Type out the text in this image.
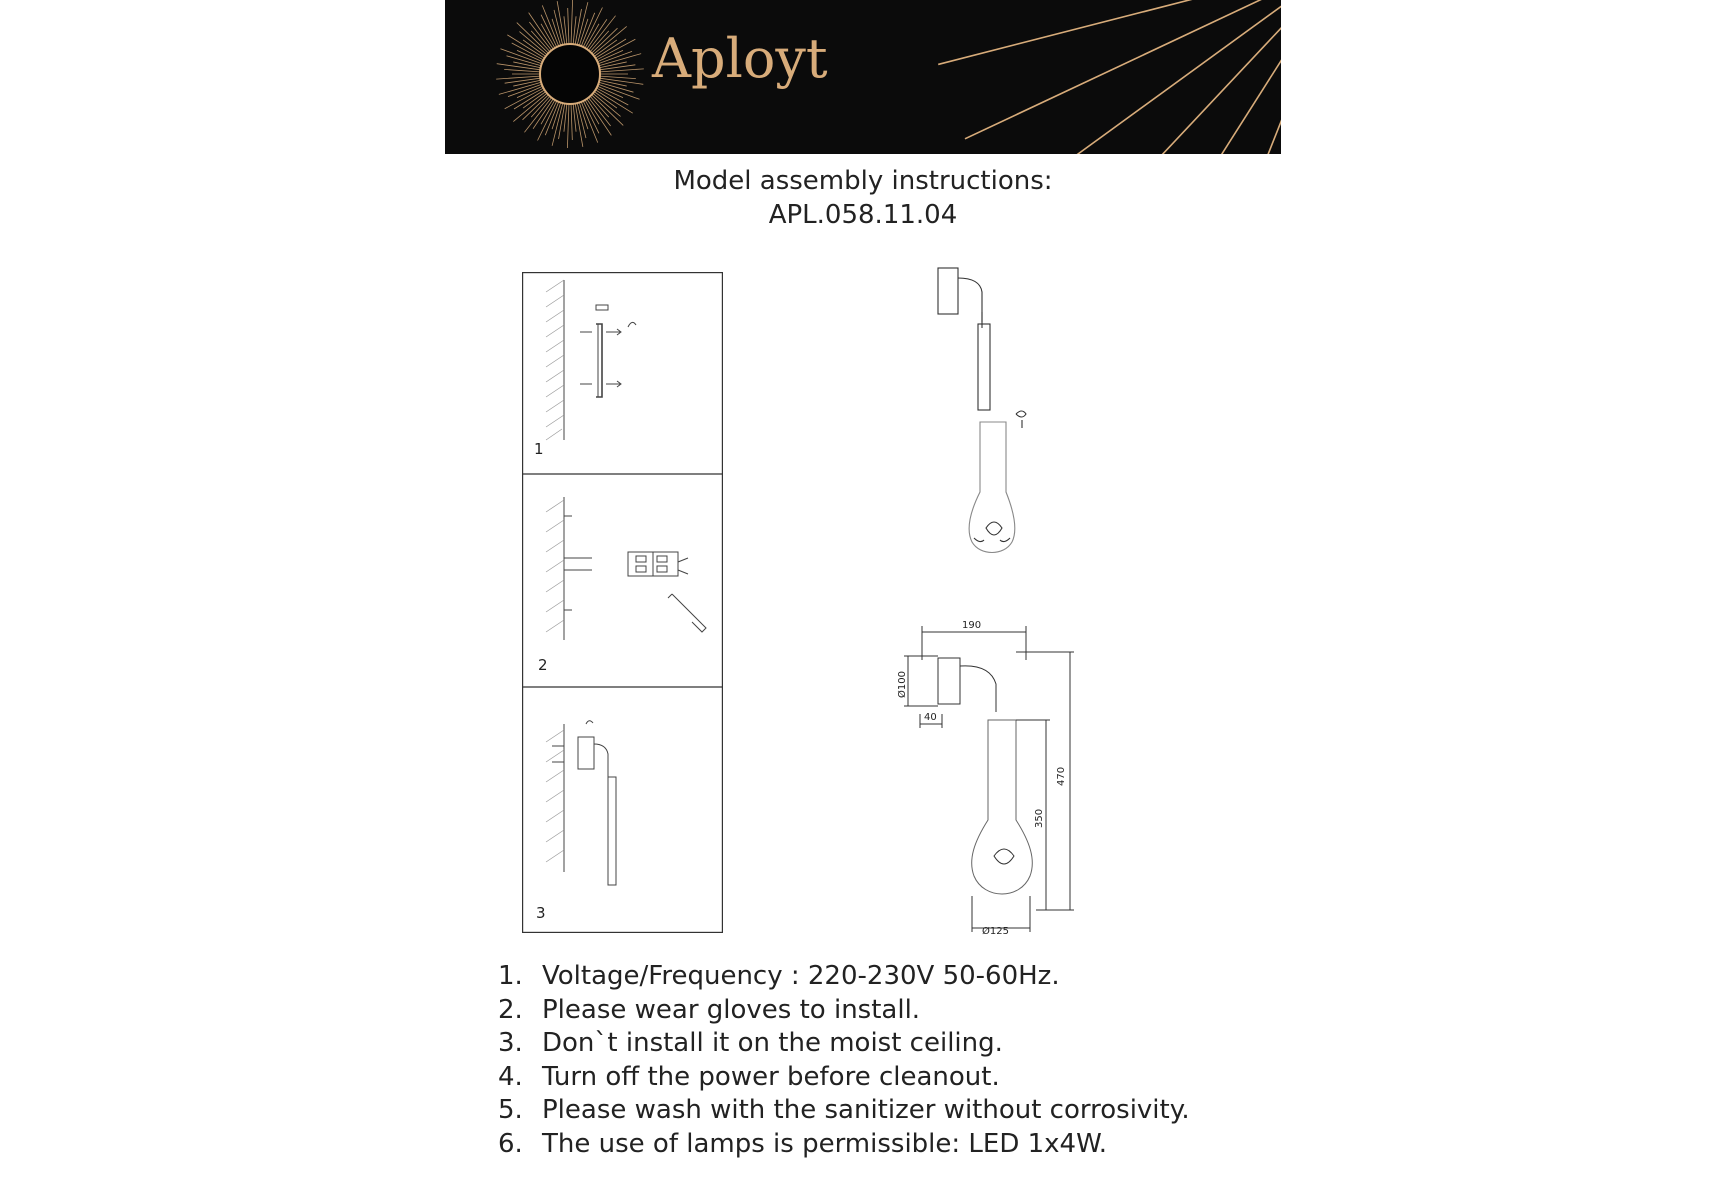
Aployt
Model assembly instructions:
APL.058.11.04
1
2
3
190
Ø100
40
470
350
Ø125
1. Voltage/Frequency : 220-230V 50-60Hz.
2. Please wear gloves to install.
3. Don`t install it on the moist ceiling.
4. Turn off the power before cleanout.
5. Please wash with the sanitizer without corrosivity.
6. The use of lamps is permissible: LED 1x4W.
